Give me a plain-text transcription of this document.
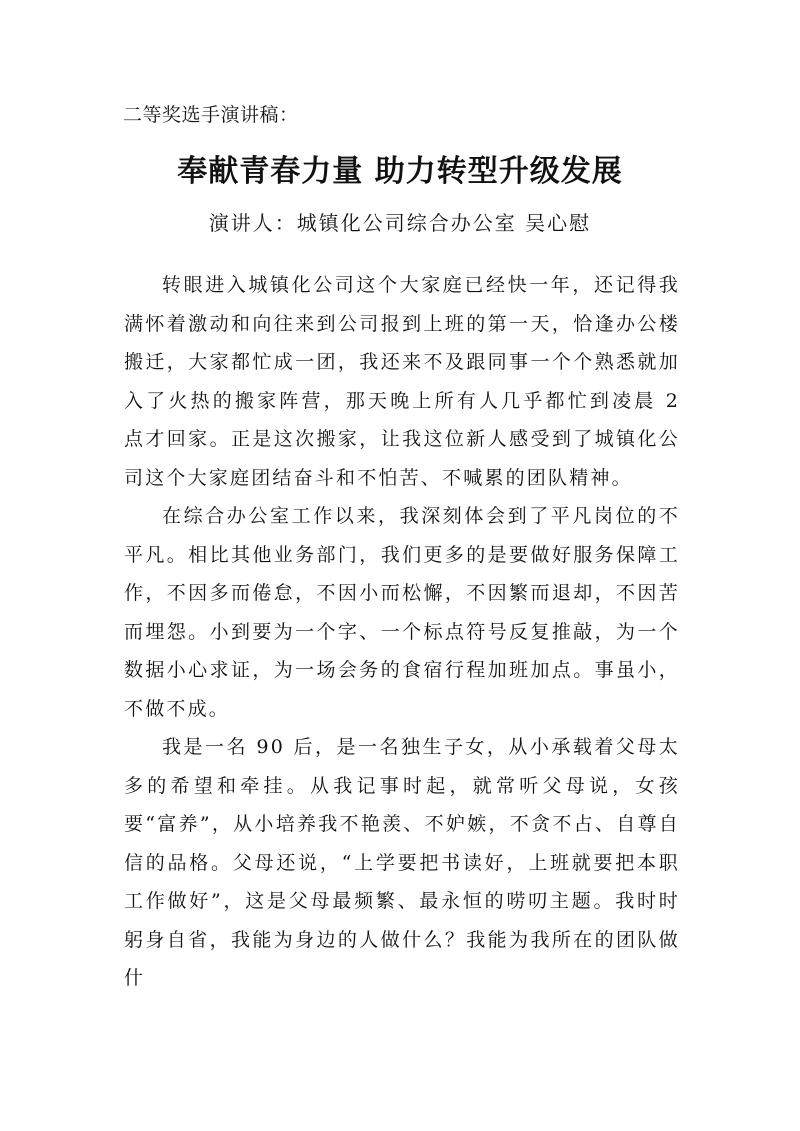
二等奖选手演讲稿：
奉献青春力量 助力转型升级发展
演讲人：城镇化公司综合办公室 吴心慰

转眼进入城镇化公司这个大家庭已经快一年，还记得我满怀着激动和向往来到公司报到上班的第一天，恰逢办公楼搬迁，大家都忙成一团，我还来不及跟同事一个个熟悉就加入了火热的搬家阵营，那天晚上所有人几乎都忙到凌晨 2 点才回家。正是这次搬家，让我这位新人感受到了城镇化公司这个大家庭团结奋斗和不怕苦、不喊累的团队精神。

在综合办公室工作以来，我深刻体会到了平凡岗位的不平凡。相比其他业务部门，我们更多的是要做好服务保障工作，不因多而倦怠，不因小而松懈，不因繁而退却，不因苦而埋怨。小到要为一个字、一个标点符号反复推敲，为一个数据小心求证，为一场会务的食宿行程加班加点。事虽小，不做不成。

我是一名 90 后，是一名独生子女，从小承载着父母太多的希望和牵挂。从我记事时起，就常听父母说，女孩要“富养”，从小培养我不艳羡、不妒嫉，不贪不占、自尊自信的品格。父母还说，“上学要把书读好，上班就要把本职工作做好”，这是父母最频繁、最永恒的唠叨主题。我时时躬身自省，我能为身边的人做什么？我能为我所在的团队做什
